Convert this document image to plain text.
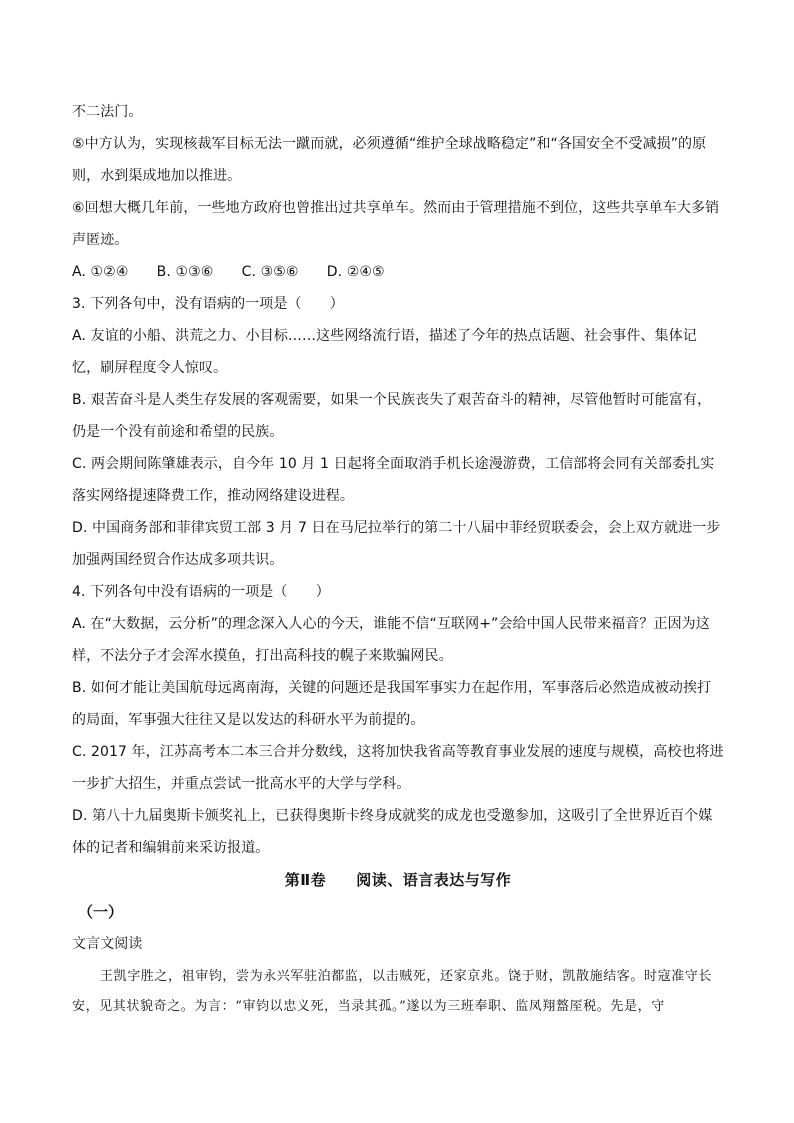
不二法门。

⑤中方认为，实现核裁军目标无法一蹴而就，必须遵循“维护全球战略稳定”和“各国安全不受减损”的原则，水到渠成地加以推进。

⑥回想大概几年前，一些地方政府也曾推出过共享单车。然而由于管理措施不到位，这些共享单车大多销声匿迹。

A. ①②④　　B. ①③⑥　　C. ③⑤⑥　　D. ②④⑤

3. 下列各句中，没有语病的一项是（　　）

A. 友谊的小船、洪荒之力、小目标……这些网络流行语，描述了今年的热点话题、社会事件、集体记忆，刷屏程度令人惊叹。

B. 艰苦奋斗是人类生存发展的客观需要，如果一个民族丧失了艰苦奋斗的精神，尽管他暂时可能富有，仍是一个没有前途和希望的民族。

C. 两会期间陈肇雄表示，自今年 10 月 1 日起将全面取消手机长途漫游费，工信部将会同有关部委扎实落实网络提速降费工作，推动网络建设进程。

D. 中国商务部和菲律宾贸工部 3 月 7 日在马尼拉举行的第二十八届中菲经贸联委会，会上双方就进一步加强两国经贸合作达成多项共识。

4. 下列各句中没有语病的一项是（　　）

A. 在“大数据，云分析”的理念深入人心的今天，谁能不信“互联网+”会给中国人民带来福音？正因为这样，不法分子才会浑水摸鱼，打出高科技的幌子来欺骗网民。

B. 如何才能让美国航母远离南海，关键的问题还是我国军事实力在起作用，军事落后必然造成被动挨打的局面，军事强大往往又是以发达的科研水平为前提的。

C. 2017 年，江苏高考本二本三合并分数线，这将加快我省高等教育事业发展的速度与规模，高校也将进一步扩大招生，并重点尝试一批高水平的大学与学科。

D. 第八十九届奥斯卡颁奖礼上，已获得奥斯卡终身成就奖的成龙也受邀参加，这吸引了全世界近百个媒体的记者和编辑前来采访报道。

第Ⅱ卷 阅读、语言表达与写作

（一）

文言文阅读

王凯字胜之，祖审钧，尝为永兴军驻泊都监，以击贼死，还家京兆。饶于财，凯散施结客。时寇准守长安，见其状貌奇之。为言：“审钧以忠义死，当录其孤。”遂以为三班奉职、监凤翔盩厔税。先是，守
